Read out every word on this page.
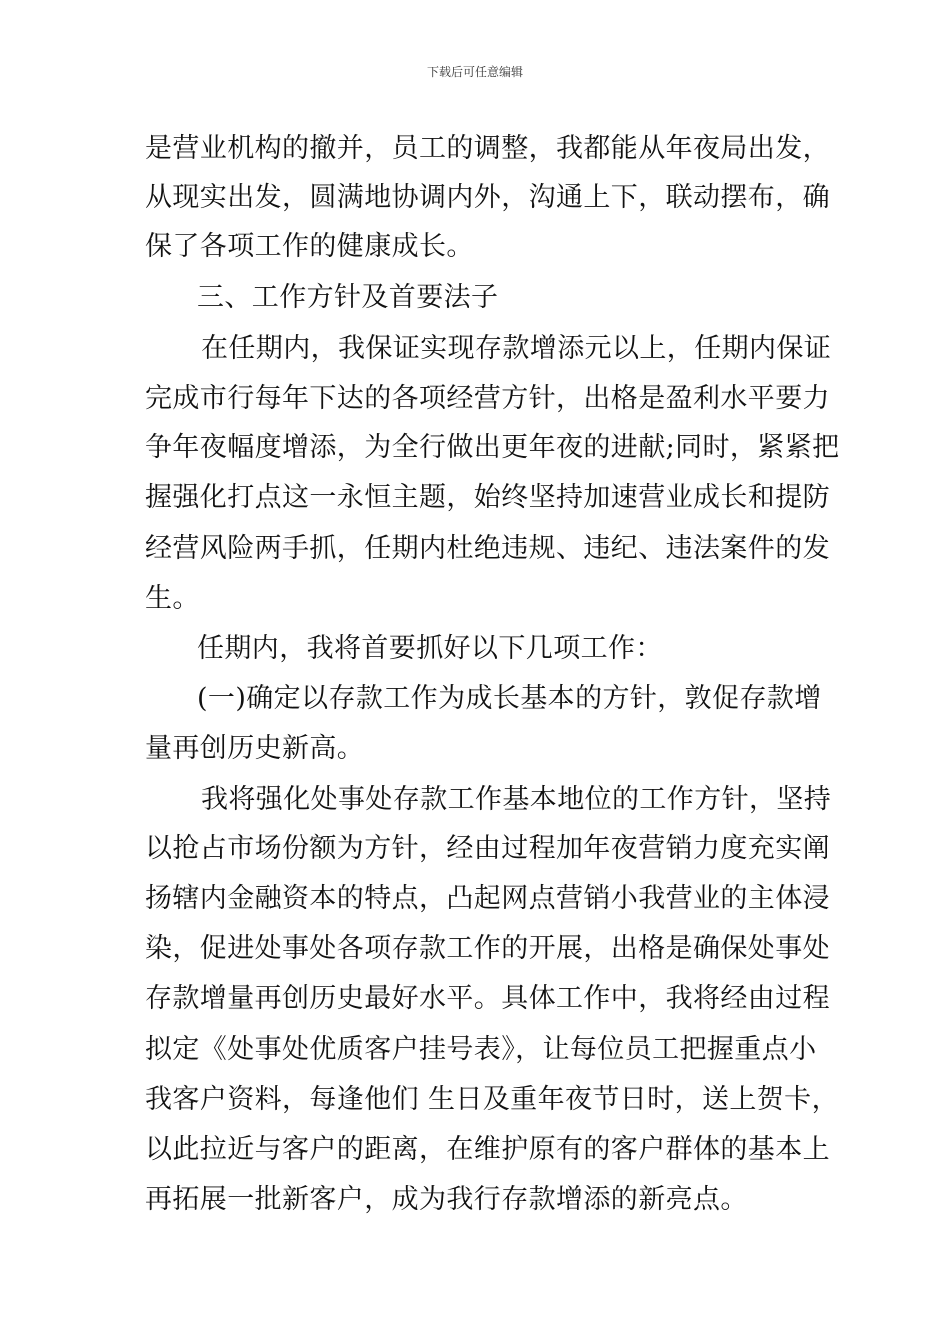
下载后可任意编辑

是营业机构的撤并，员工的调整，我都能从年夜局出发，

从现实出发，圆满地协调内外，沟通上下，联动摆布，确

保了各项工作的健康成长。

三、工作方针及首要法子

在任期内，我保证实现存款增添元以上，任期内保证

完成市行每年下达的各项经营方针，出格是盈利水平要力

争年夜幅度增添，为全行做出更年夜的进献;同时，紧紧把

握强化打点这一永恒主题，始终坚持加速营业成长和提防

经营风险两手抓，任期内杜绝违规、违纪、违法案件的发

生。

任期内，我将首要抓好以下几项工作：

(一)确定以存款工作为成长基本的方针，敦促存款增

量再创历史新高。

我将强化处事处存款工作基本地位的工作方针，坚持

以抢占市场份额为方针，经由过程加年夜营销力度充实阐

扬辖内金融资本的特点，凸起网点营销小我营业的主体浸

染，促进处事处各项存款工作的开展，出格是确保处事处

存款增量再创历史最好水平。具体工作中，我将经由过程

拟定《处事处优质客户挂号表》，让每位员工把握重点小

我客户资料，每逢他们 生日及重年夜节日时，送上贺卡，

以此拉近与客户的距离，在维护原有的客户群体的基本上

再拓展一批新客户，成为我行存款增添的新亮点。
